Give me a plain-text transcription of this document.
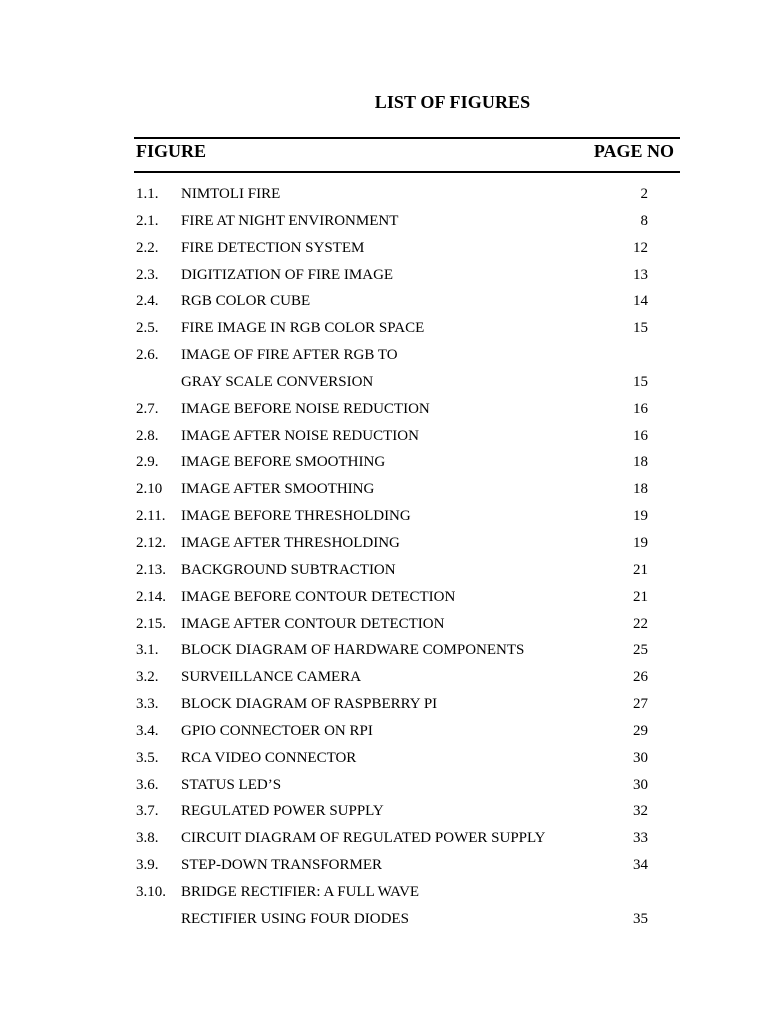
LIST OF FIGURES
FIGURE	PAGE NO
1.1. NIMTOLI FIRE	2
2.1. FIRE AT NIGHT ENVIRONMENT	8
2.2. FIRE DETECTION SYSTEM	12
2.3. DIGITIZATION OF FIRE IMAGE	13
2.4. RGB COLOR CUBE	14
2.5. FIRE IMAGE IN RGB COLOR SPACE	15
2.6. IMAGE OF FIRE AFTER RGB TO
GRAY SCALE CONVERSION	15
2.7. IMAGE BEFORE NOISE REDUCTION	16
2.8. IMAGE AFTER NOISE REDUCTION	16
2.9. IMAGE BEFORE SMOOTHING	18
2.10 IMAGE AFTER SMOOTHING	18
2.11. IMAGE BEFORE THRESHOLDING	19
2.12. IMAGE AFTER THRESHOLDING	19
2.13. BACKGROUND SUBTRACTION	21
2.14. IMAGE BEFORE CONTOUR DETECTION	21
2.15. IMAGE AFTER CONTOUR DETECTION	22
3.1. BLOCK DIAGRAM OF HARDWARE COMPONENTS	25
3.2. SURVEILLANCE CAMERA	26
3.3. BLOCK DIAGRAM OF RASPBERRY PI	27
3.4. GPIO CONNECTOER ON RPI	29
3.5. RCA VIDEO CONNECTOR	30
3.6. STATUS LED’S	30
3.7. REGULATED POWER SUPPLY	32
3.8. CIRCUIT DIAGRAM OF REGULATED POWER SUPPLY	33
3.9. STEP-DOWN TRANSFORMER	34
3.10. BRIDGE RECTIFIER: A FULL WAVE
RECTIFIER USING FOUR DIODES	35
